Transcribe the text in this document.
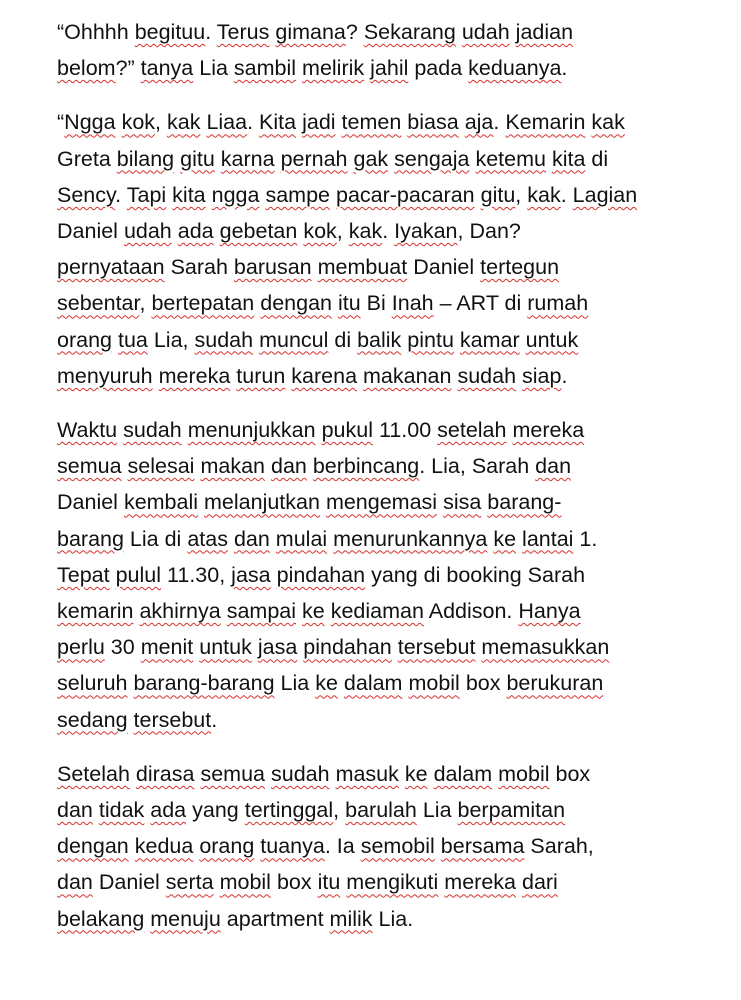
“Ohhhh begituu. Terus gimana? Sekarang udah jadian
belom?” tanya Lia sambil melirik jahil pada keduanya.

“Ngga kok, kak Liaa. Kita jadi temen biasa aja. Kemarin kak
Greta bilang gitu karna pernah gak sengaja ketemu kita di
Sency. Tapi kita ngga sampe pacar-pacaran gitu, kak. Lagian
Daniel udah ada gebetan kok, kak. Iyakan, Dan?
pernyataan Sarah barusan membuat Daniel tertegun
sebentar, bertepatan dengan itu Bi Inah – ART di rumah
orang tua Lia, sudah muncul di balik pintu kamar untuk
menyuruh mereka turun karena makanan sudah siap.

Waktu sudah menunjukkan pukul 11.00 setelah mereka
semua selesai makan dan berbincang. Lia, Sarah dan
Daniel kembali melanjutkan mengemasi sisa barang-
barang Lia di atas dan mulai menurunkannya ke lantai 1.
Tepat pulul 11.30, jasa pindahan yang di booking Sarah
kemarin akhirnya sampai ke kediaman Addison. Hanya
perlu 30 menit untuk jasa pindahan tersebut memasukkan
seluruh barang-barang Lia ke dalam mobil box berukuran
sedang tersebut.

Setelah dirasa semua sudah masuk ke dalam mobil box
dan tidak ada yang tertinggal, barulah Lia berpamitan
dengan kedua orang tuanya. Ia semobil bersama Sarah,
dan Daniel serta mobil box itu mengikuti mereka dari
belakang menuju apartment milik Lia.
